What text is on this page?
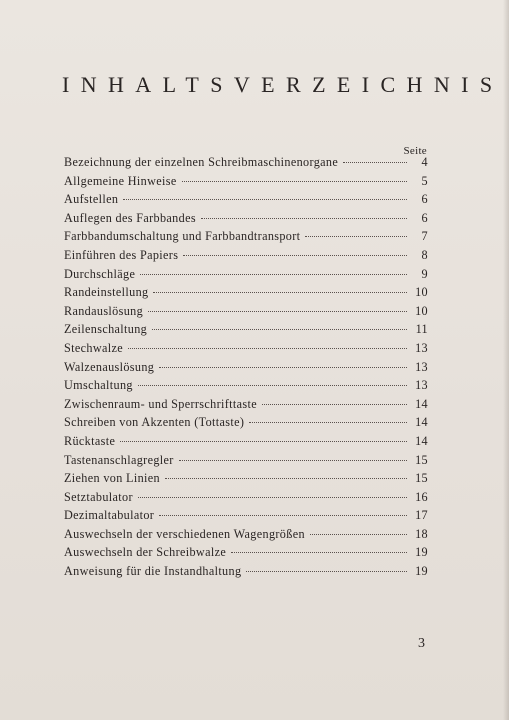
INHALTSVERZEICHNIS
Seite
Bezeichnung der einzelnen Schreibmaschinenorgane	4
Allgemeine Hinweise	5
Aufstellen	6
Auflegen des Farbbandes	6
Farbbandumschaltung und Farbbandtransport	7
Einführen des Papiers	8
Durchschläge	9
Randeinstellung	10
Randauslösung	10
Zeilenschaltung	11
Stechwalze	13
Walzenauslösung	13
Umschaltung	13
Zwischenraum- und Sperrschrifttaste	14
Schreiben von Akzenten (Tottaste)	14
Rücktaste	14
Tastenanschlagregler	15
Ziehen von Linien	15
Setztabulator	16
Dezimaltabulator	17
Auswechseln der verschiedenen Wagengrößen	18
Auswechseln der Schreibwalze	19
Anweisung für die Instandhaltung	19
3
